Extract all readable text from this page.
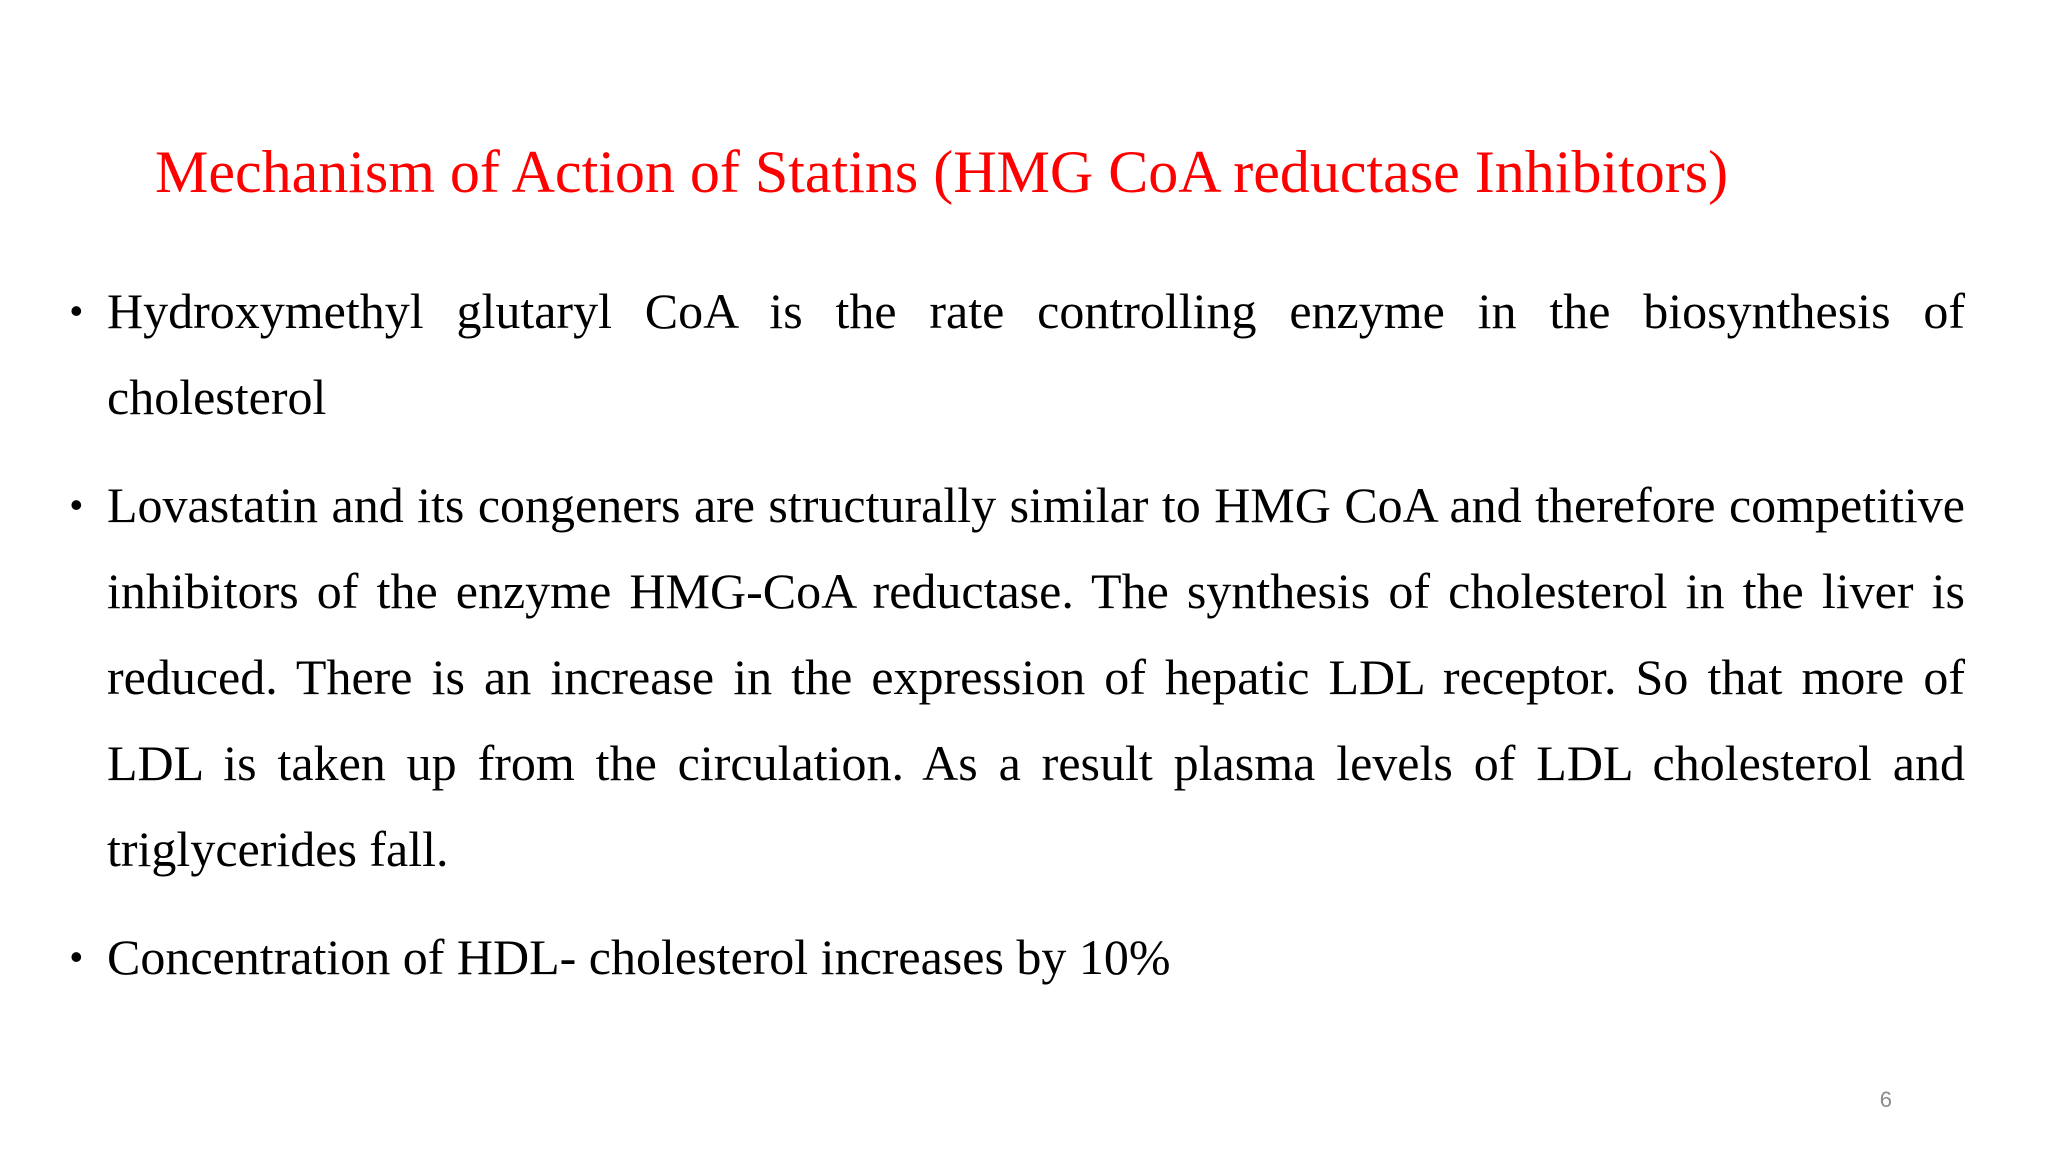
Mechanism of Action of Statins (HMG CoA reductase Inhibitors)
• Hydroxymethyl glutaryl CoA is the rate controlling enzyme in the biosynthesis of cholesterol
• Lovastatin and its congeners are structurally similar to HMG CoA and therefore competitive inhibitors of the enzyme HMG-CoA reductase. The synthesis of cholesterol in the liver is reduced. There is an increase in the expression of hepatic LDL receptor. So that more of LDL is taken up from the circulation. As a result plasma levels of LDL cholesterol and triglycerides fall.
• Concentration of HDL- cholesterol increases by 10%
6
